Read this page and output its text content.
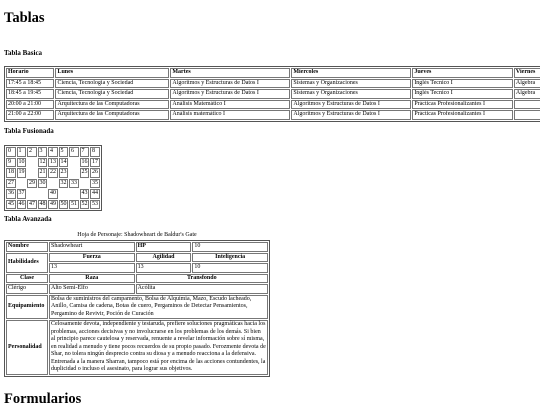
Tablas
Tabla Basica
Horario	Lunes	Martes	Miercoles	Jueves	Viernes
17:45 a 18:45	Ciencia, Tecnologia y Sociedad	Algoritmos y Estructuras de Datos I	Sistemas y Organizaciones	Inglés Tecnico I	Algebra
18:45 a 19:45	Ciencia, Tecnologia y Sociedad	Algoritmos y Estructuras de Datos I	Sistemas y Organizaciones	Inglés Tecnico I	Algebra
20:00 a 21:00	Arquitectura de las Computadoras	Análisis Matemático I	Algoritmos y Estructuras de Datos I	Prácticas Profesionalizantes I	
21:00 a 22:00	Arquitectura de las Computadoras	Análisis matemático I	Algoritmos y Estructuras de Datos I	Prácticas Profesionalizantes I	
Tabla Fusionada
0	1	2	3	4	5	6	7	8
9	10		12	13	14		16	17
18	19		21	22	23		25	26
27		29	30		32	33		35
36	37			40			43	44
45	46	47	48	49	50	51	52	53
Tabla Avanzada
Hoja de Personaje: Shadowheart de Baldur's Gate
Nombre	Shadowheart	HP	10
Habilidades	Fuerza	Agilidad	Inteligencia
	13	13	10
Clase	Raza	Transfondo	
Clérigo	Alto Semi-Elfo	Acólita	
Equipamiento	Bolsa de suministros del campamento, Bolsa de Alquimia, Mazo, Escudo lacheado, Anillo, Camisa de cadena, Botas de cuero, Pergaminos de Detectar Pensamientos, Pergamino de Revivir, Poción de Curación		
Personalidad	Celosamente devota, independiente y testaruda, prefiere soluciones pragmáticas hacia los problemas, acciones decisivas y no involucrarse en los problemas de los demás. Si bien al principio parece cautelosa y reservada, renuente a revelar información sobre sí misma, en realidad a menudo y tiene pocos recuerdos de su propio pasado. Ferozmente devota de Shar, no tolera ningún desprecio contra su diosa y a menudo reacciona a la defensiva. Entrenada a la manera Sharran, tampoco está por encima de las acciones contundentes, la duplicidad o incluso el asesinato, para lograr sus objetivos.		
Formularios
